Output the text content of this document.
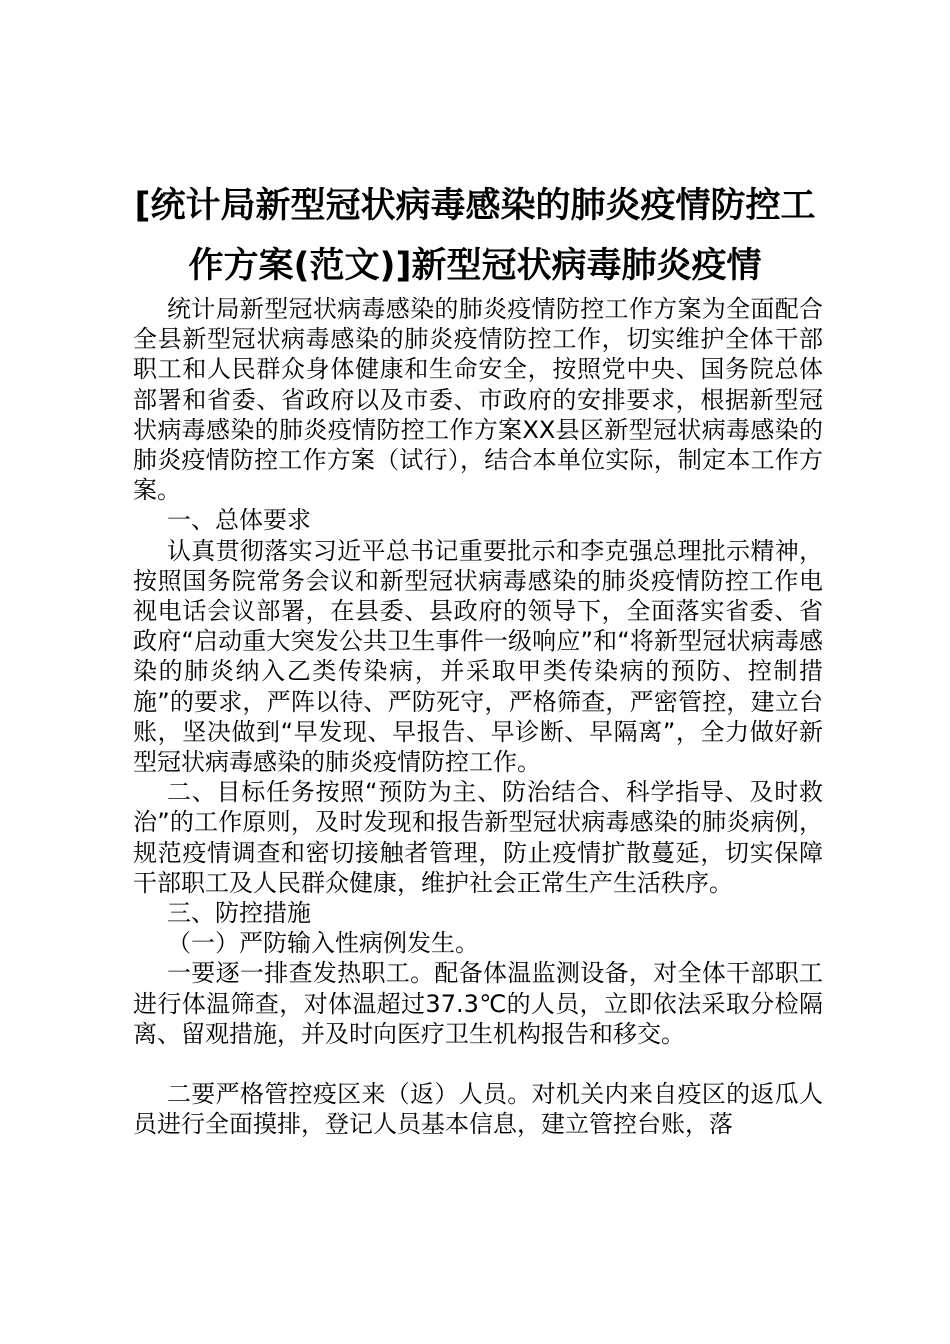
[统计局新型冠状病毒感染的肺炎疫情防控工
作方案(范文)]新型冠状病毒肺炎疫情

统计局新型冠状病毒感染的肺炎疫情防控工作方案为全面配合全县新型冠状病毒感染的肺炎疫情防控工作，切实维护全体干部职工和人民群众身体健康和生命安全，按照党中央、国务院总体部署和省委、省政府以及市委、市政府的安排要求，根据新型冠状病毒感染的肺炎疫情防控工作方案XX县区新型冠状病毒感染的肺炎疫情防控工作方案（试行），结合本单位实际，制定本工作方案。

一、总体要求

认真贯彻落实习近平总书记重要批示和李克强总理批示精神，按照国务院常务会议和新型冠状病毒感染的肺炎疫情防控工作电视电话会议部署，在县委、县政府的领导下，全面落实省委、省政府“启动重大突发公共卫生事件一级响应”和“将新型冠状病毒感染的肺炎纳入乙类传染病，并采取甲类传染病的预防、控制措施”的要求，严阵以待、严防死守，严格筛查，严密管控，建立台账，坚决做到“早发现、早报告、早诊断、早隔离”，全力做好新型冠状病毒感染的肺炎疫情防控工作。

二、目标任务按照“预防为主、防治结合、科学指导、及时救治”的工作原则，及时发现和报告新型冠状病毒感染的肺炎病例，规范疫情调查和密切接触者管理，防止疫情扩散蔓延，切实保障干部职工及人民群众健康，维护社会正常生产生活秩序。

三、防控措施

（一）严防输入性病例发生。

一要逐一排查发热职工。配备体温监测设备，对全体干部职工进行体温筛查，对体温超过37.3℃的人员，立即依法采取分检隔离、留观措施，并及时向医疗卫生机构报告和移交。

二要严格管控疫区来（返）人员。对机关内来自疫区的返瓜人员进行全面摸排，登记人员基本信息，建立管控台账，落
